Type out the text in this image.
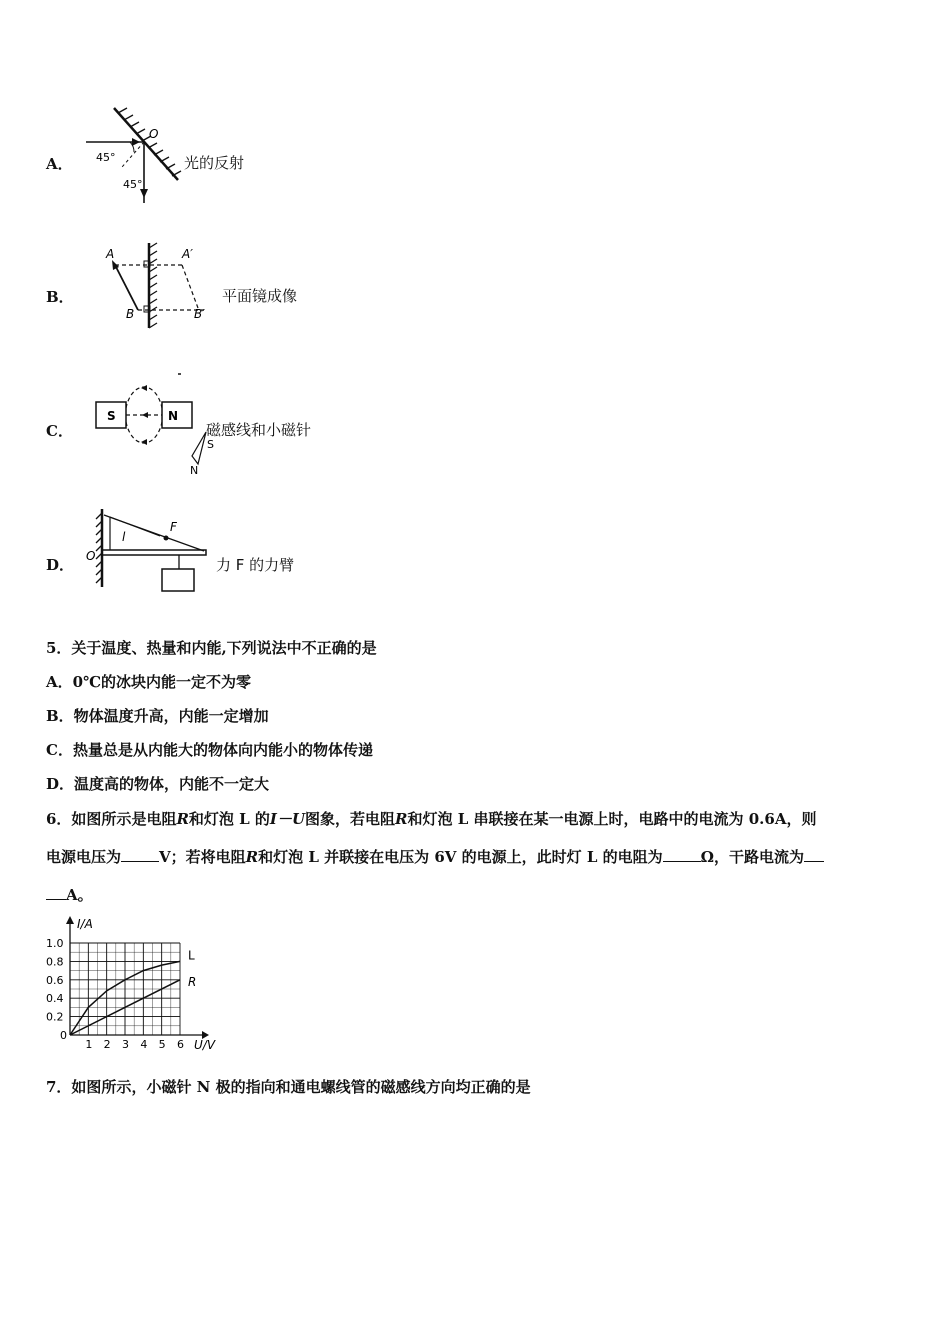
A． 45°
45°
O
光的反射
B．
A	A′
B	B′
平面镜成像
C．
S	N
S
N
磁感线和小磁针
D．
F
l
O	力 F 的力臂
5．关于温度、热量和内能,下列说法中不正确的是
A．0℃的冰块内能一定不为零
B．物体温度升高，内能一定增加
C．热量总是从内能大的物体向内能小的物体传递
D．温度高的物体，内能不一定大
6．如图所示是电阻R和灯泡 L 的I－U图象，若电阻R和灯泡 L 串联接在某一电源上时，电路中的电流为 0.6A，则
电源电压为	V；若将电阻R和灯泡 L 并联接在电压为 6V 的电源上，此时灯 L 的电阻为	Ω，干路电流为
A。
1 2 3 4 5 6
0.2
0.4
0.6
0.8
1.0
0
I/A
U/V
L
R
7．如图所示，小磁针 N 极的指向和通电螺线管的磁感线方向均正确的是
